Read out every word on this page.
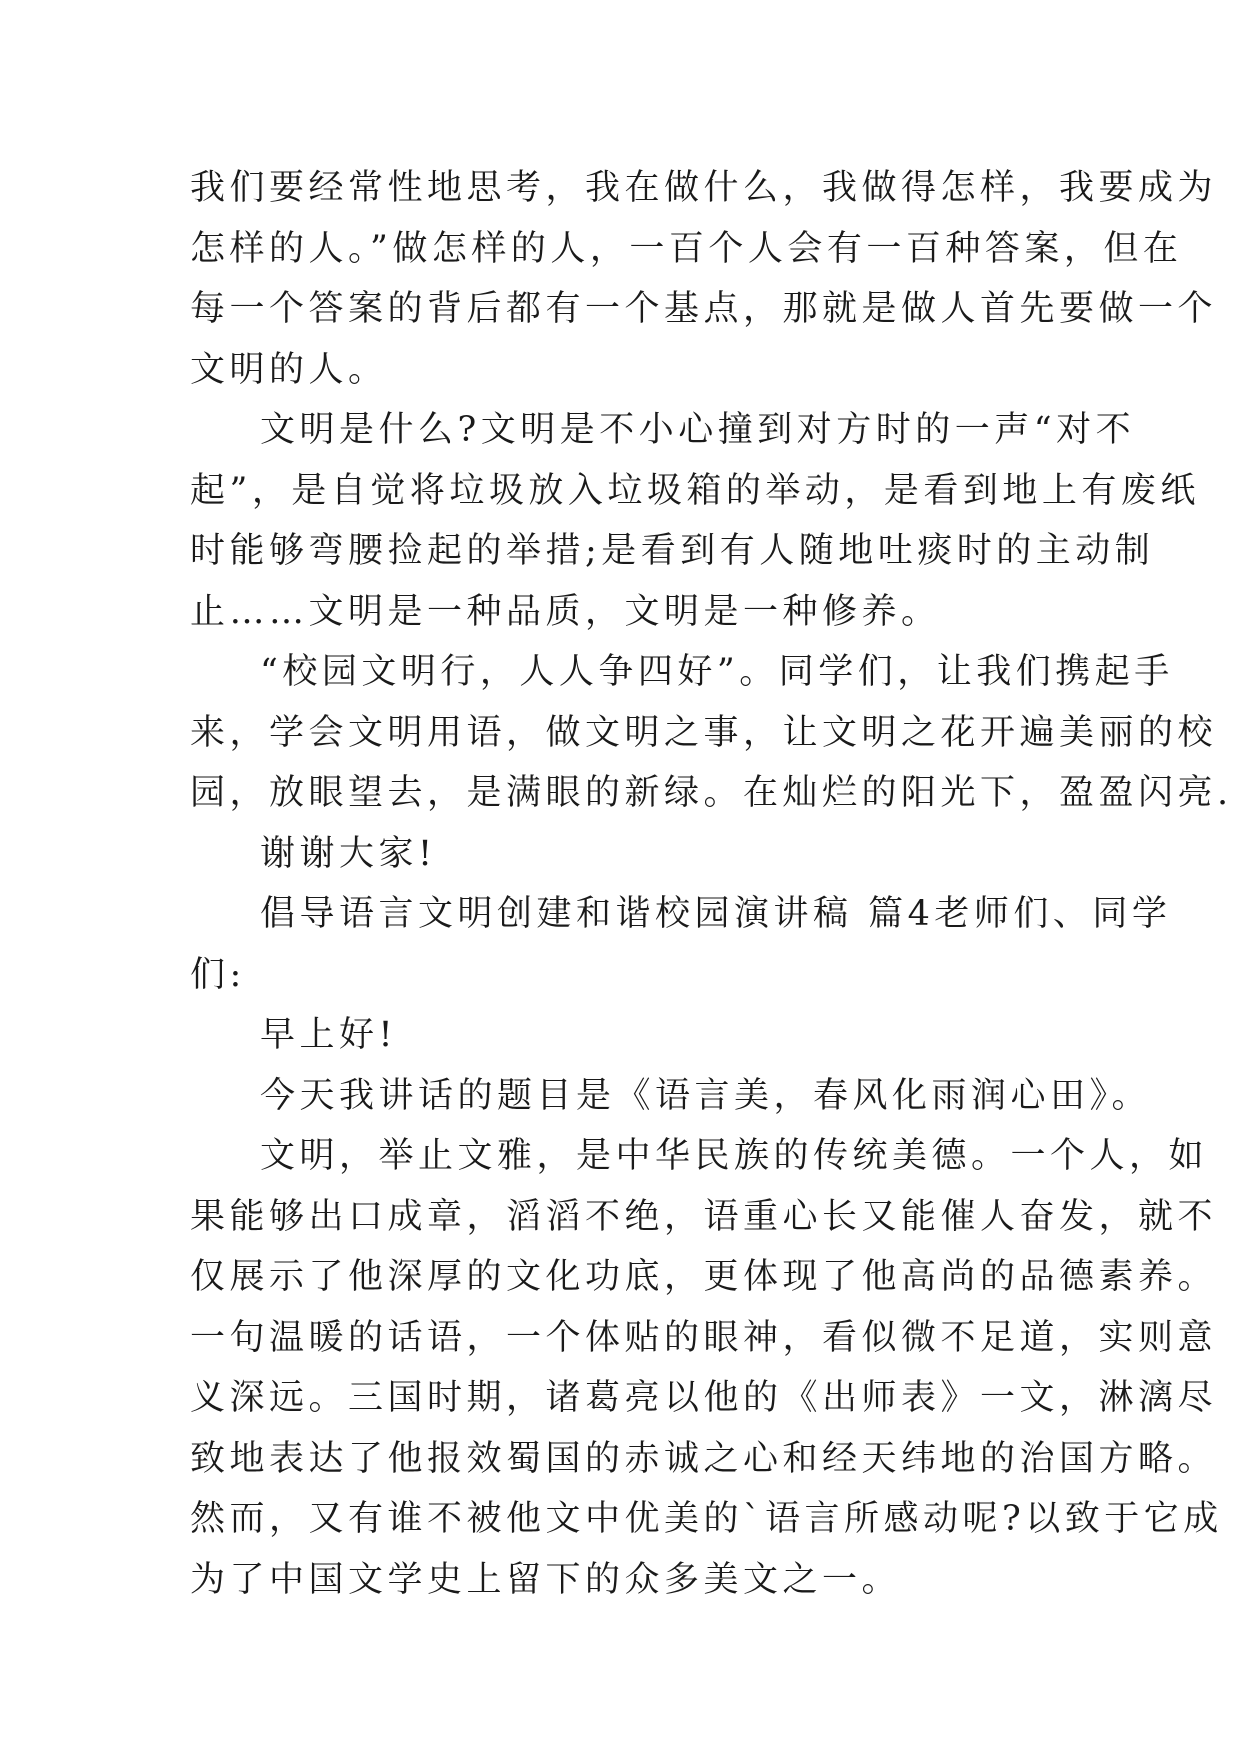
我们要经常性地思考，我在做什么，我做得怎样，我要成为
怎样的人。”做怎样的人，一百个人会有一百种答案，但在
每一个答案的背后都有一个基点，那就是做人首先要做一个
文明的人。
文明是什么?文明是不小心撞到对方时的一声“对不
起”，是自觉将垃圾放入垃圾箱的举动，是看到地上有废纸
时能够弯腰捡起的举措;是看到有人随地吐痰时的主动制
止……文明是一种品质，文明是一种修养。
“校园文明行，人人争四好”。同学们，让我们携起手
来，学会文明用语，做文明之事，让文明之花开遍美丽的校
园，放眼望去，是满眼的新绿。在灿烂的阳光下，盈盈闪亮.
谢谢大家!
倡导语言文明创建和谐校园演讲稿 篇4老师们、同学
们:
早上好!
今天我讲话的题目是《语言美，春风化雨润心田》。
文明，举止文雅，是中华民族的传统美德。一个人，如
果能够出口成章，滔滔不绝，语重心长又能催人奋发，就不
仅展示了他深厚的文化功底，更体现了他高尚的品德素养。
一句温暖的话语，一个体贴的眼神，看似微不足道，实则意
义深远。三国时期，诸葛亮以他的《出师表》一文，淋漓尽
致地表达了他报效蜀国的赤诚之心和经天纬地的治国方略。
然而，又有谁不被他文中优美的`语言所感动呢?以致于它成
为了中国文学史上留下的众多美文之一。
